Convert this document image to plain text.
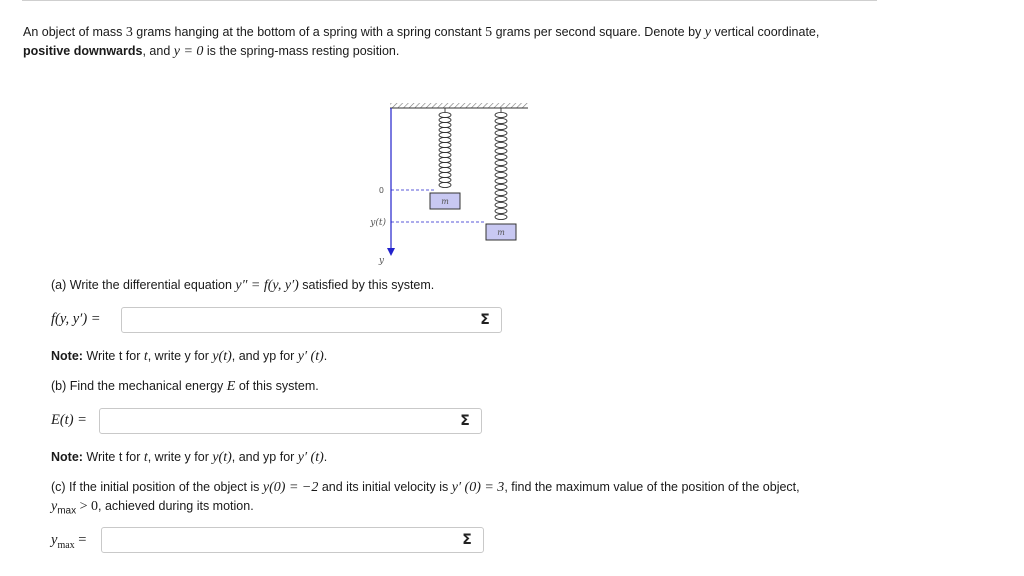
An object of mass 3 grams hanging at the bottom of a spring with a spring constant 5 grams per second square. Denote by y vertical coordinate,
positive downwards, and y = 0 is the spring-mass resting position.
0
y(t)
y
m
m
(a) Write the differential equation y″ = f(y, y′) satisfied by this system.
f(y, y′) =	Σ
Note: Write t for t, write y for y(t), and yp for y′ (t).
(b) Find the mechanical energy E of this system.
E(t) =	Σ
Note: Write t for t, write y for y(t), and yp for y′ (t).
(c) If the initial position of the object is y(0) = −2 and its initial velocity is y′ (0) = 3, find the maximum value of the position of the object,
$y_{max} > 0$, achieved during its motion.
$y_{max}$ =	Σ
